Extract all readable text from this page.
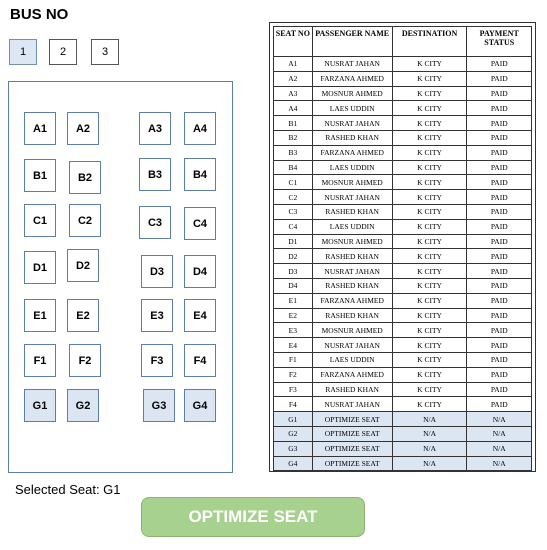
BUS NO
1	2	3
A1	A2	A3	A4
B1	B2	B3	B4
C1	C2	C3	C4
D1	D2	D3	D4
E1	E2	E3	E4
F1	F2	F3	F4
G1	G2	G3	G4
SEAT NO	PASSENGER NAME	DESTINATION	PAYMENT STATUS
A1	NUSRAT JAHAN	K CITY	PAID
A2	FARZANA AHMED	K CITY	PAID
A3	MOSNUR AHMED	K CITY	PAID
A4	LAES UDDIN	K CITY	PAID
B1	NUSRAT JAHAN	K CITY	PAID
B2	RASHED KHAN	K CITY	PAID
B3	FARZANA AHMED	K CITY	PAID
B4	LAES UDDIN	K CITY	PAID
C1	MOSNUR AHMED	K CITY	PAID
C2	NUSRAT JAHAN	K CITY	PAID
C3	RASHED KHAN	K CITY	PAID
C4	LAES UDDIN	K CITY	PAID
D1	MOSNUR AHMED	K CITY	PAID
D2	RASHED KHAN	K CITY	PAID
D3	NUSRAT JAHAN	K CITY	PAID
D4	RASHED KHAN	K CITY	PAID
E1	FARZANA AHMED	K CITY	PAID
E2	RASHED KHAN	K CITY	PAID
E3	MOSNUR AHMED	K CITY	PAID
E4	NUSRAT JAHAN	K CITY	PAID
F1	LAES UDDIN	K CITY	PAID
F2	FARZANA AHMED	K CITY	PAID
F3	RASHED KHAN	K CITY	PAID
F4	NUSRAT JAHAN	K CITY	PAID
G1	OPTIMIZE SEAT	N/A	N/A
G2	OPTIMIZE SEAT	N/A	N/A
G3	OPTIMIZE SEAT	N/A	N/A
G4	OPTIMIZE SEAT	N/A	N/A
Selected Seat: G1
OPTIMIZE SEAT
